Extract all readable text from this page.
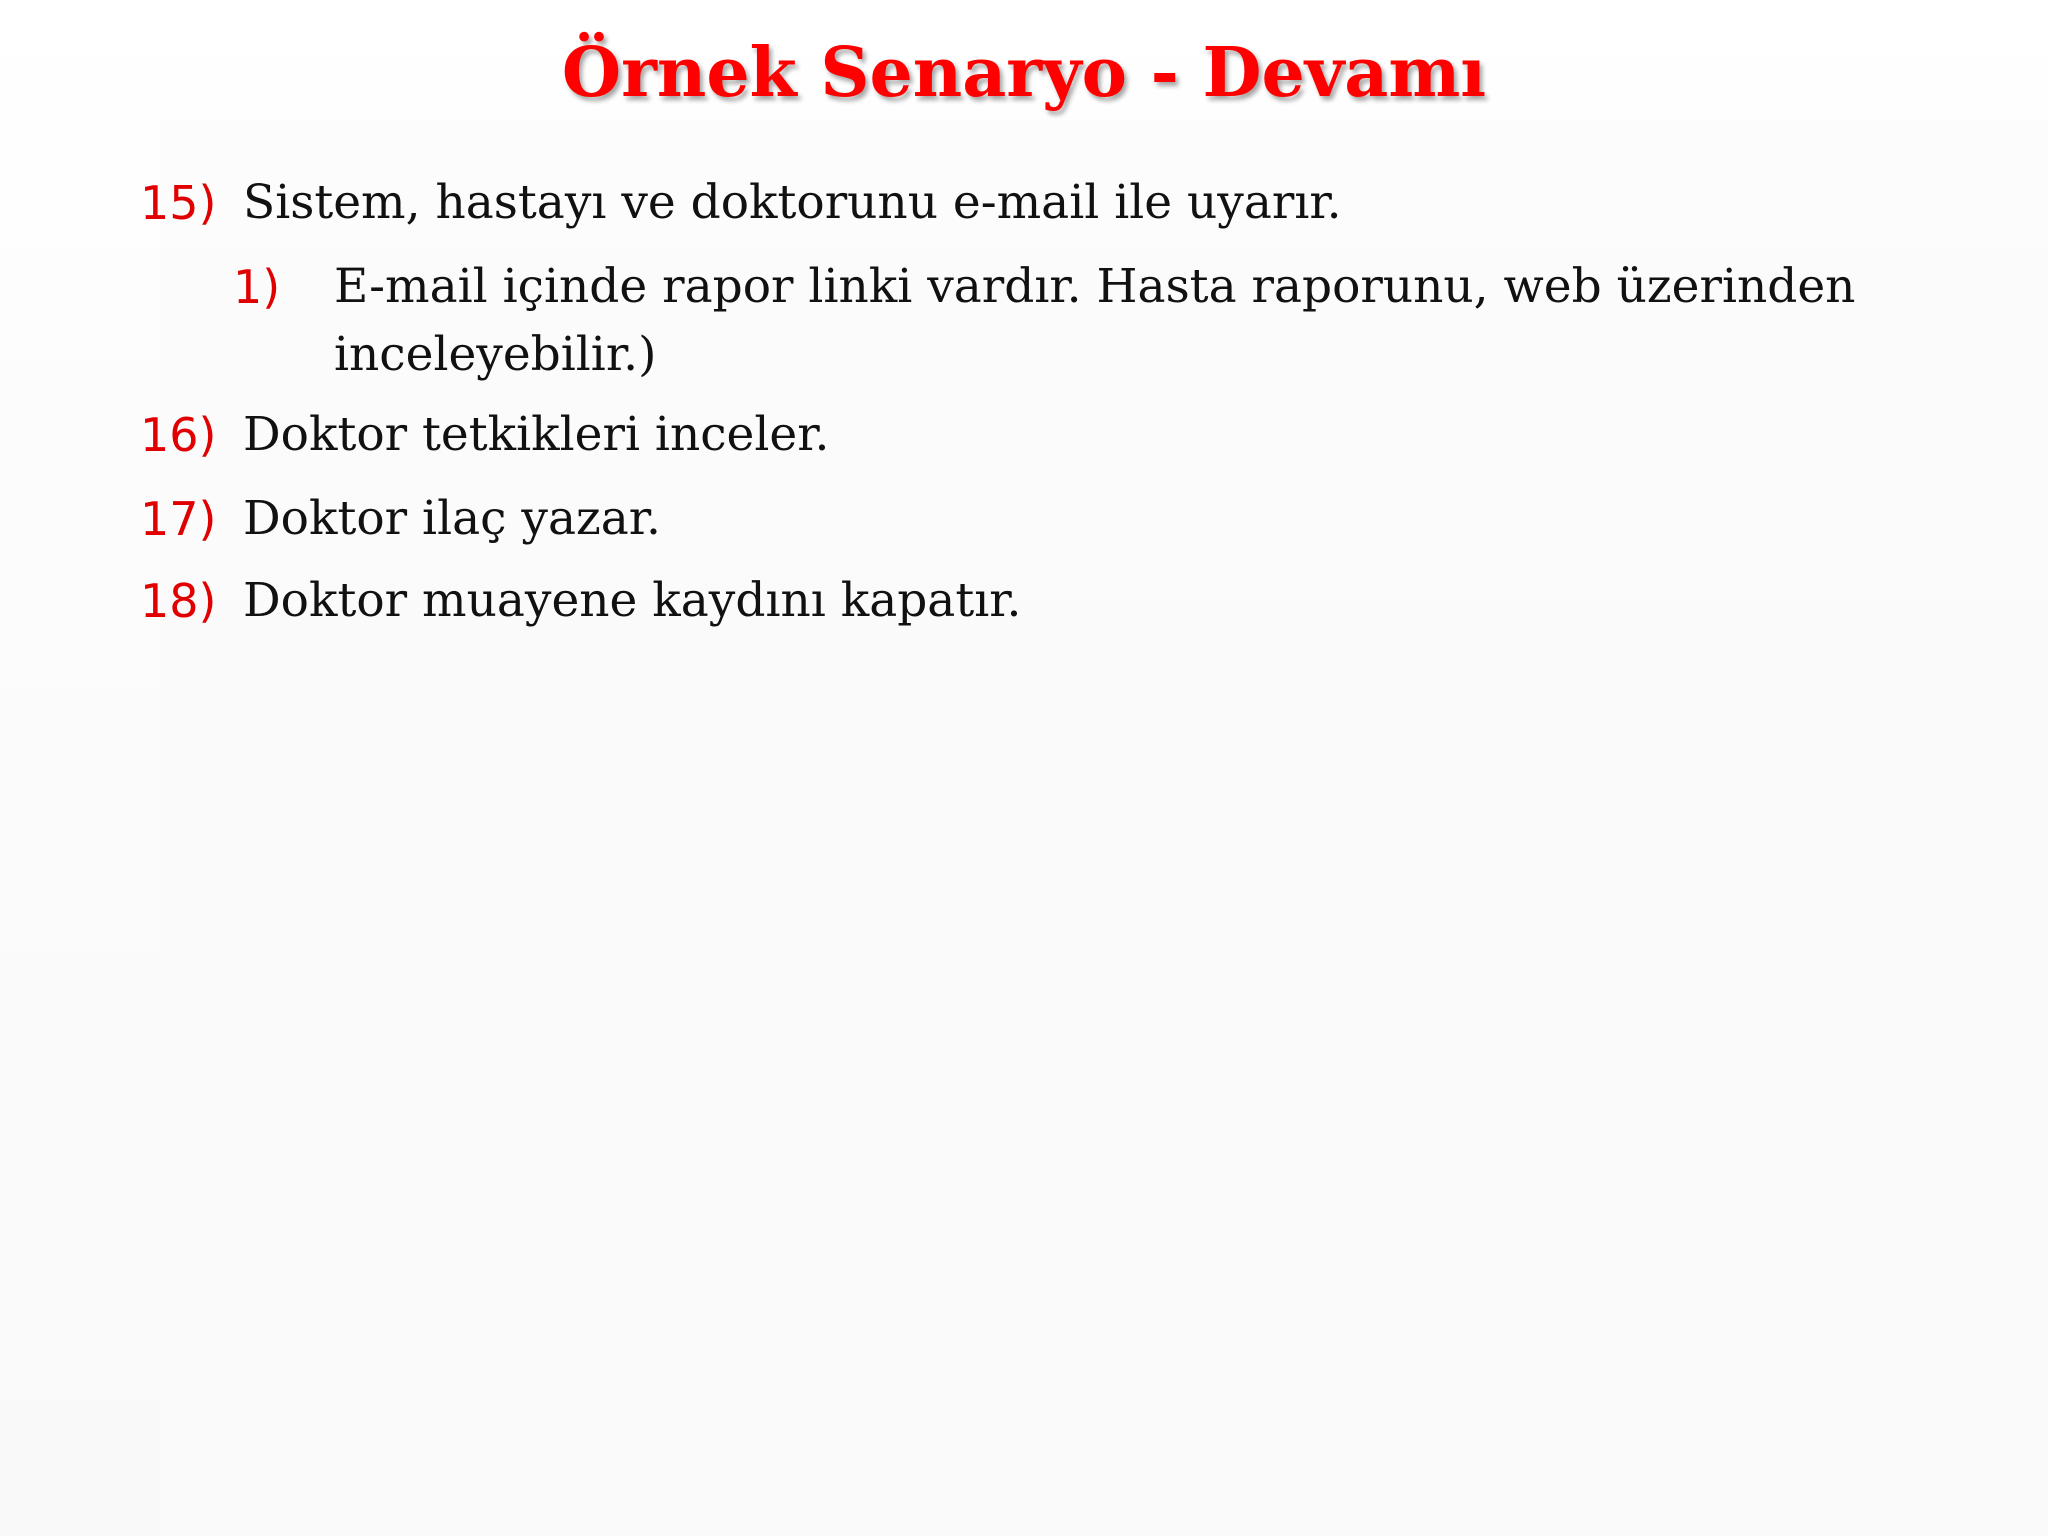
Örnek Senaryo - Devamı
15) Sistem, hastayı ve doktorunu e-mail ile uyarır.
1) E-mail içinde rapor linki vardır. Hasta raporunu, web üzerinden
inceleyebilir.)
16) Doktor tetkikleri inceler.
17) Doktor ilaç yazar.
18) Doktor muayene kaydını kapatır.
